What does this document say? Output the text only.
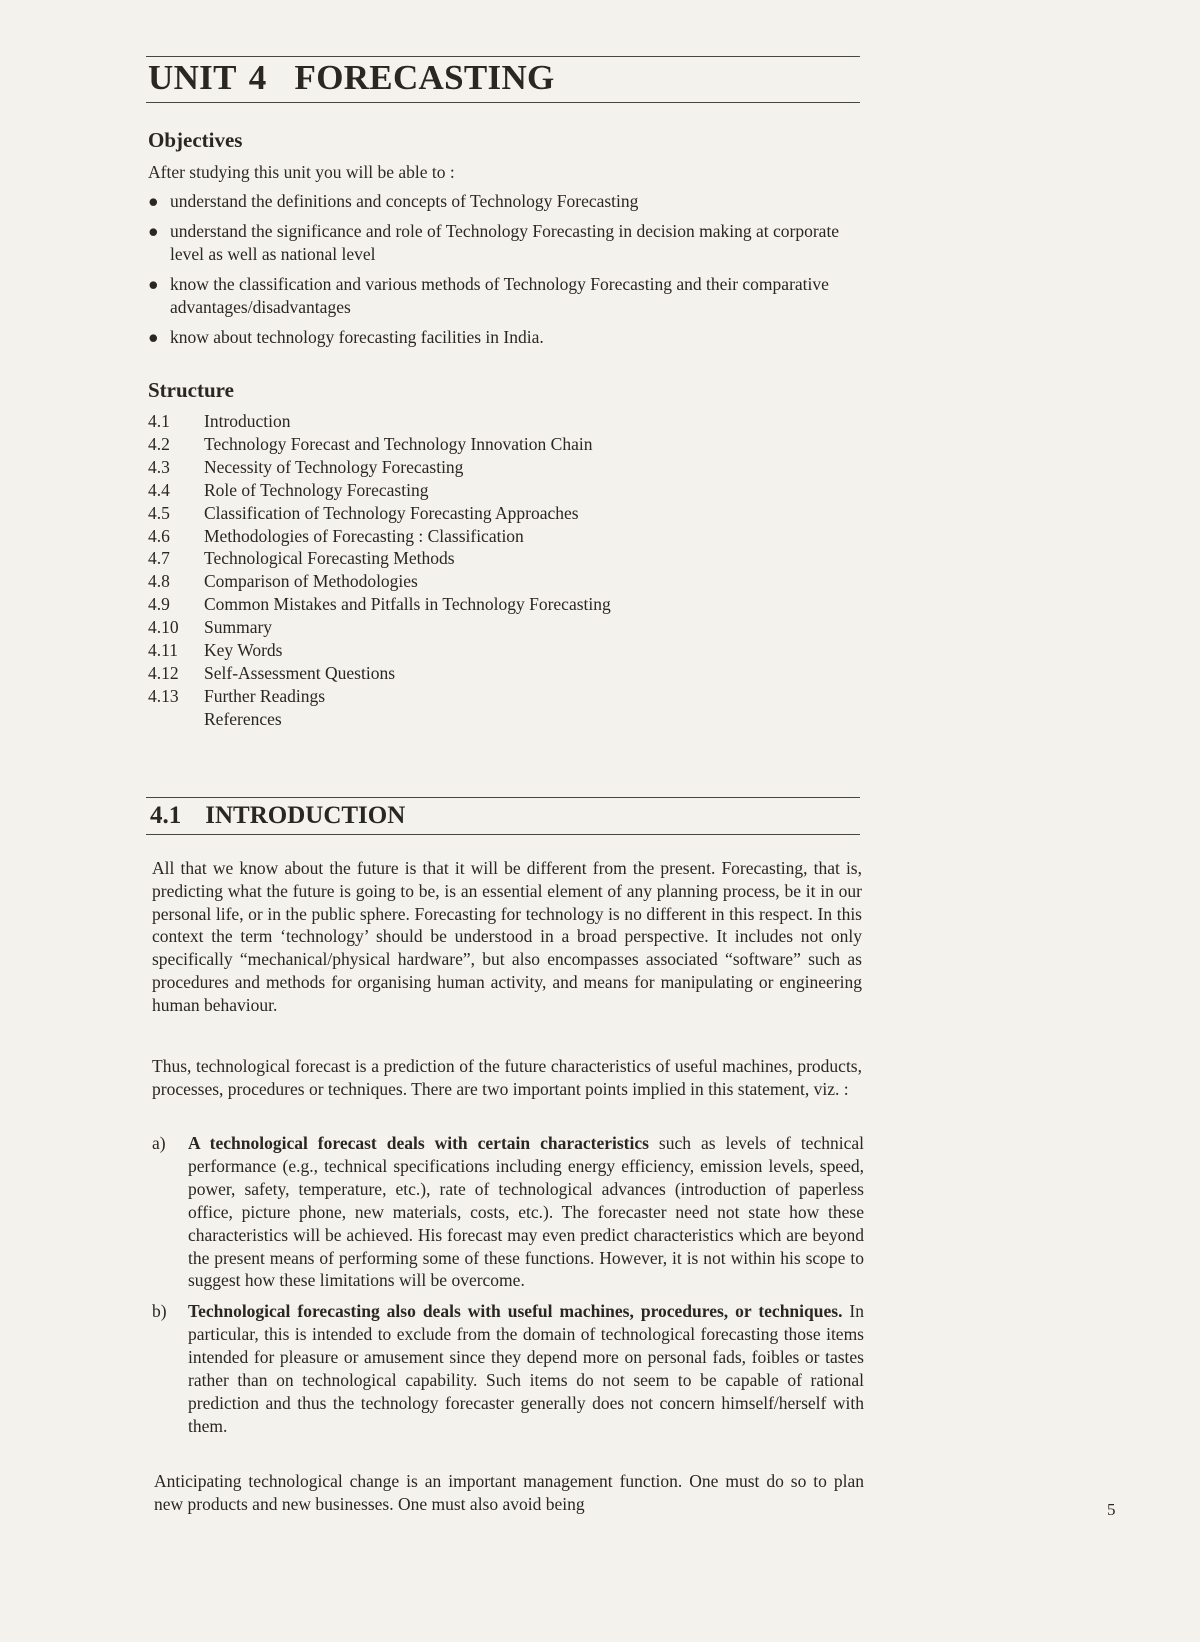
UNIT 4 FORECASTING
Objectives
After studying this unit you will be able to :
● understand the definitions and concepts of Technology Forecasting
● understand the significance and role of Technology Forecasting in decision making at corporate level as well as national level
● know the classification and various methods of Technology Forecasting and their comparative advantages/disadvantages
● know about technology forecasting facilities in India.
Structure
4.1	Introduction
4.2	Technology Forecast and Technology Innovation Chain
4.3	Necessity of Technology Forecasting
4.4	Role of Technology Forecasting
4.5	Classification of Technology Forecasting Approaches
4.6	Methodologies of Forecasting : Classification
4.7	Technological Forecasting Methods
4.8	Comparison of Methodologies
4.9	Common Mistakes and Pitfalls in Technology Forecasting
4.10	Summary
4.11	Key Words
4.12	Self-Assessment Questions
4.13	Further Readings
References
4.1 INTRODUCTION

All that we know about the future is that it will be different from the present. Forecasting, that is, predicting what the future is going to be, is an essential element of any planning process, be it in our personal life, or in the public sphere. Forecasting for technology is no different in this respect. In this context the term ‘technology’ should be understood in a broad perspective. It includes not only specifically “mechanical/physical hardware”, but also encompasses associated “software” such as procedures and methods for organising human activity, and means for manipulating or engineering human behaviour.

Thus, technological forecast is a prediction of the future characteristics of useful machines, products, processes, procedures or techniques. There are two important points implied in this statement, viz. :

a) A technological forecast deals with certain characteristics such as levels of technical performance (e.g., technical specifications including energy efficiency, emission levels, speed, power, safety, temperature, etc.), rate of technological advances (introduction of paperless office, picture phone, new materials, costs, etc.). The forecaster need not state how these characteristics will be achieved. His forecast may even predict characteristics which are beyond the present means of performing some of these functions. However, it is not within his scope to suggest how these limitations will be overcome.
b) Technological forecasting also deals with useful machines, procedures, or techniques. In particular, this is intended to exclude from the domain of technological forecasting those items intended for pleasure or amusement since they depend more on personal fads, foibles or tastes rather than on technological capability. Such items do not seem to be capable of rational prediction and thus the technology forecaster generally does not concern himself/herself with them.

Anticipating technological change is an important management function. One must do so to plan new products and new businesses. One must also avoid being	5
